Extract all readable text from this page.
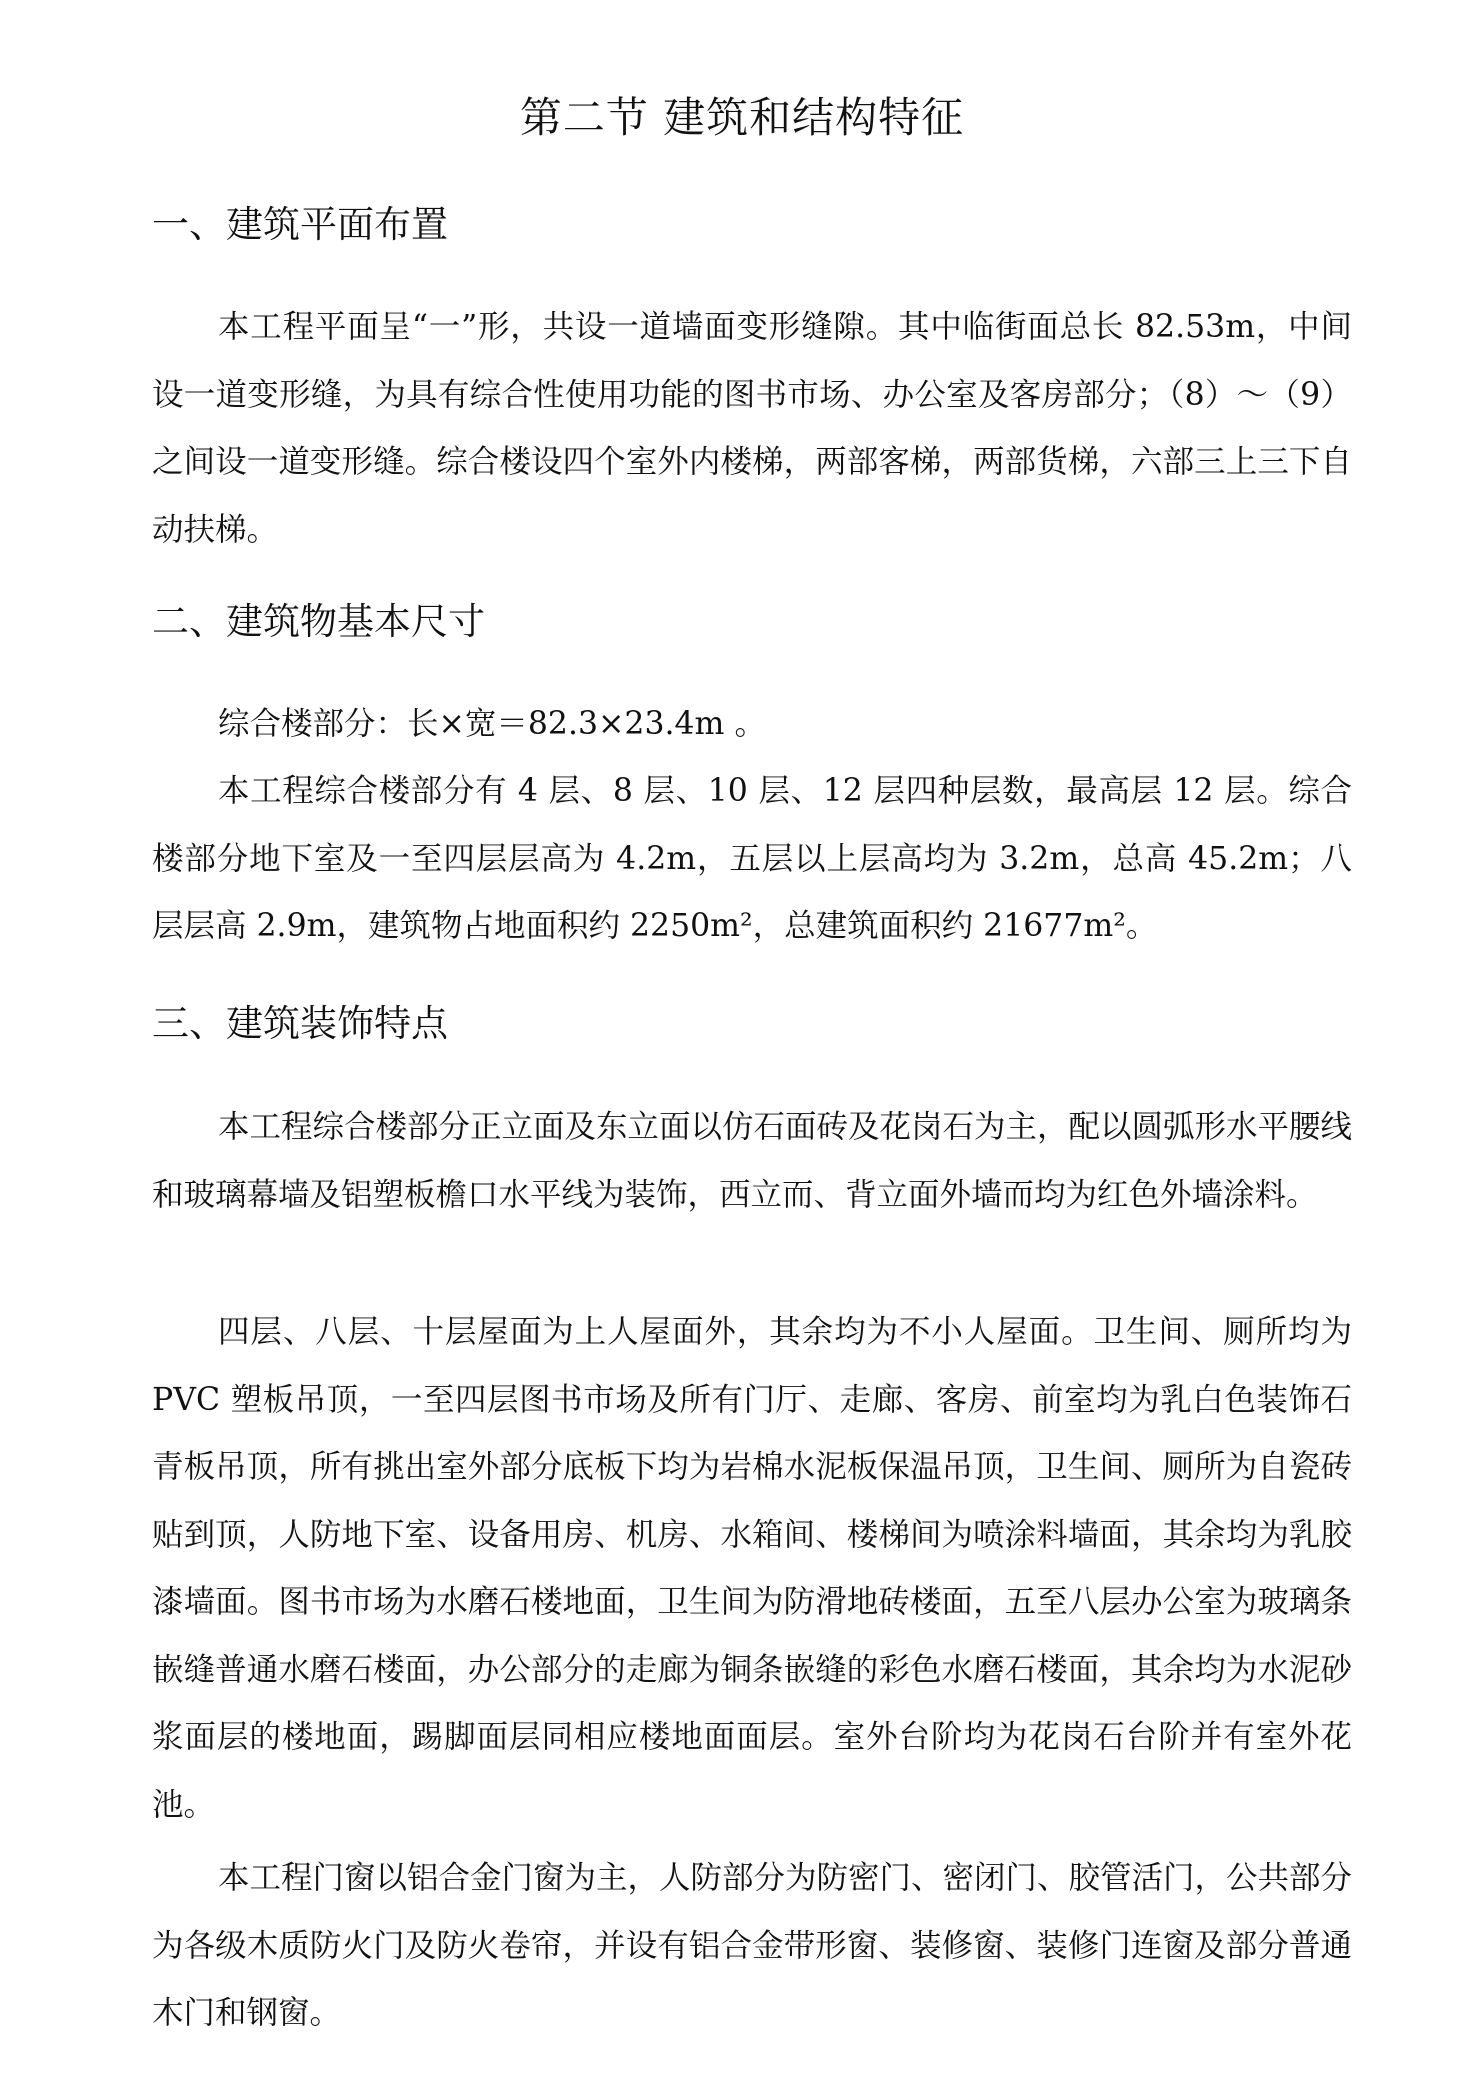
第二节 建筑和结构特征
一、建筑平面布置

本工程平面呈“一”形，共设一道墙面变形缝隙。其中临街面总长 82.53m，中间设一道变形缝，为具有综合性使用功能的图书市场、办公室及客房部分；（8）～（9）之间设一道变形缝。综合楼设四个室外内楼梯，两部客梯，两部货梯，六部三上三下自动扶梯。

二、建筑物基本尺寸

综合楼部分：长×宽＝82.3×23.4m 。

本工程综合楼部分有 4 层、8 层、10 层、12 层四种层数，最高层 12 层。综合楼部分地下室及一至四层层高为 4.2m，五层以上层高均为 3.2m，总高 45.2m；八层层高 2.9m，建筑物占地面积约 2250m²，总建筑面积约 21677m²。

三、建筑装饰特点

本工程综合楼部分正立面及东立面以仿石面砖及花岗石为主，配以圆弧形水平腰线和玻璃幕墙及铝塑板檐口水平线为装饰，西立而、背立面外墙而均为红色外墙涂料。

四层、八层、十层屋面为上人屋面外，其余均为不小人屋面。卫生间、厕所均为 PVC 塑板吊顶，一至四层图书市场及所有门厅、走廊、客房、前室均为乳白色装饰石青板吊顶，所有挑出室外部分底板下均为岩棉水泥板保温吊顶，卫生间、厕所为自瓷砖贴到顶，人防地下室、设备用房、机房、水箱间、楼梯间为喷涂料墙面，其余均为乳胶漆墙面。图书市场为水磨石楼地面，卫生间为防滑地砖楼面，五至八层办公室为玻璃条嵌缝普通水磨石楼面，办公部分的走廊为铜条嵌缝的彩色水磨石楼面，其余均为水泥砂浆面层的楼地面，踢脚面层同相应楼地面面层。室外台阶均为花岗石台阶并有室外花池。

本工程门窗以铝合金门窗为主，人防部分为防密门、密闭门、胶管活门，公共部分为各级木质防火门及防火卷帘，并设有铝合金带形窗、装修窗、装修门连窗及部分普通木门和钢窗。
